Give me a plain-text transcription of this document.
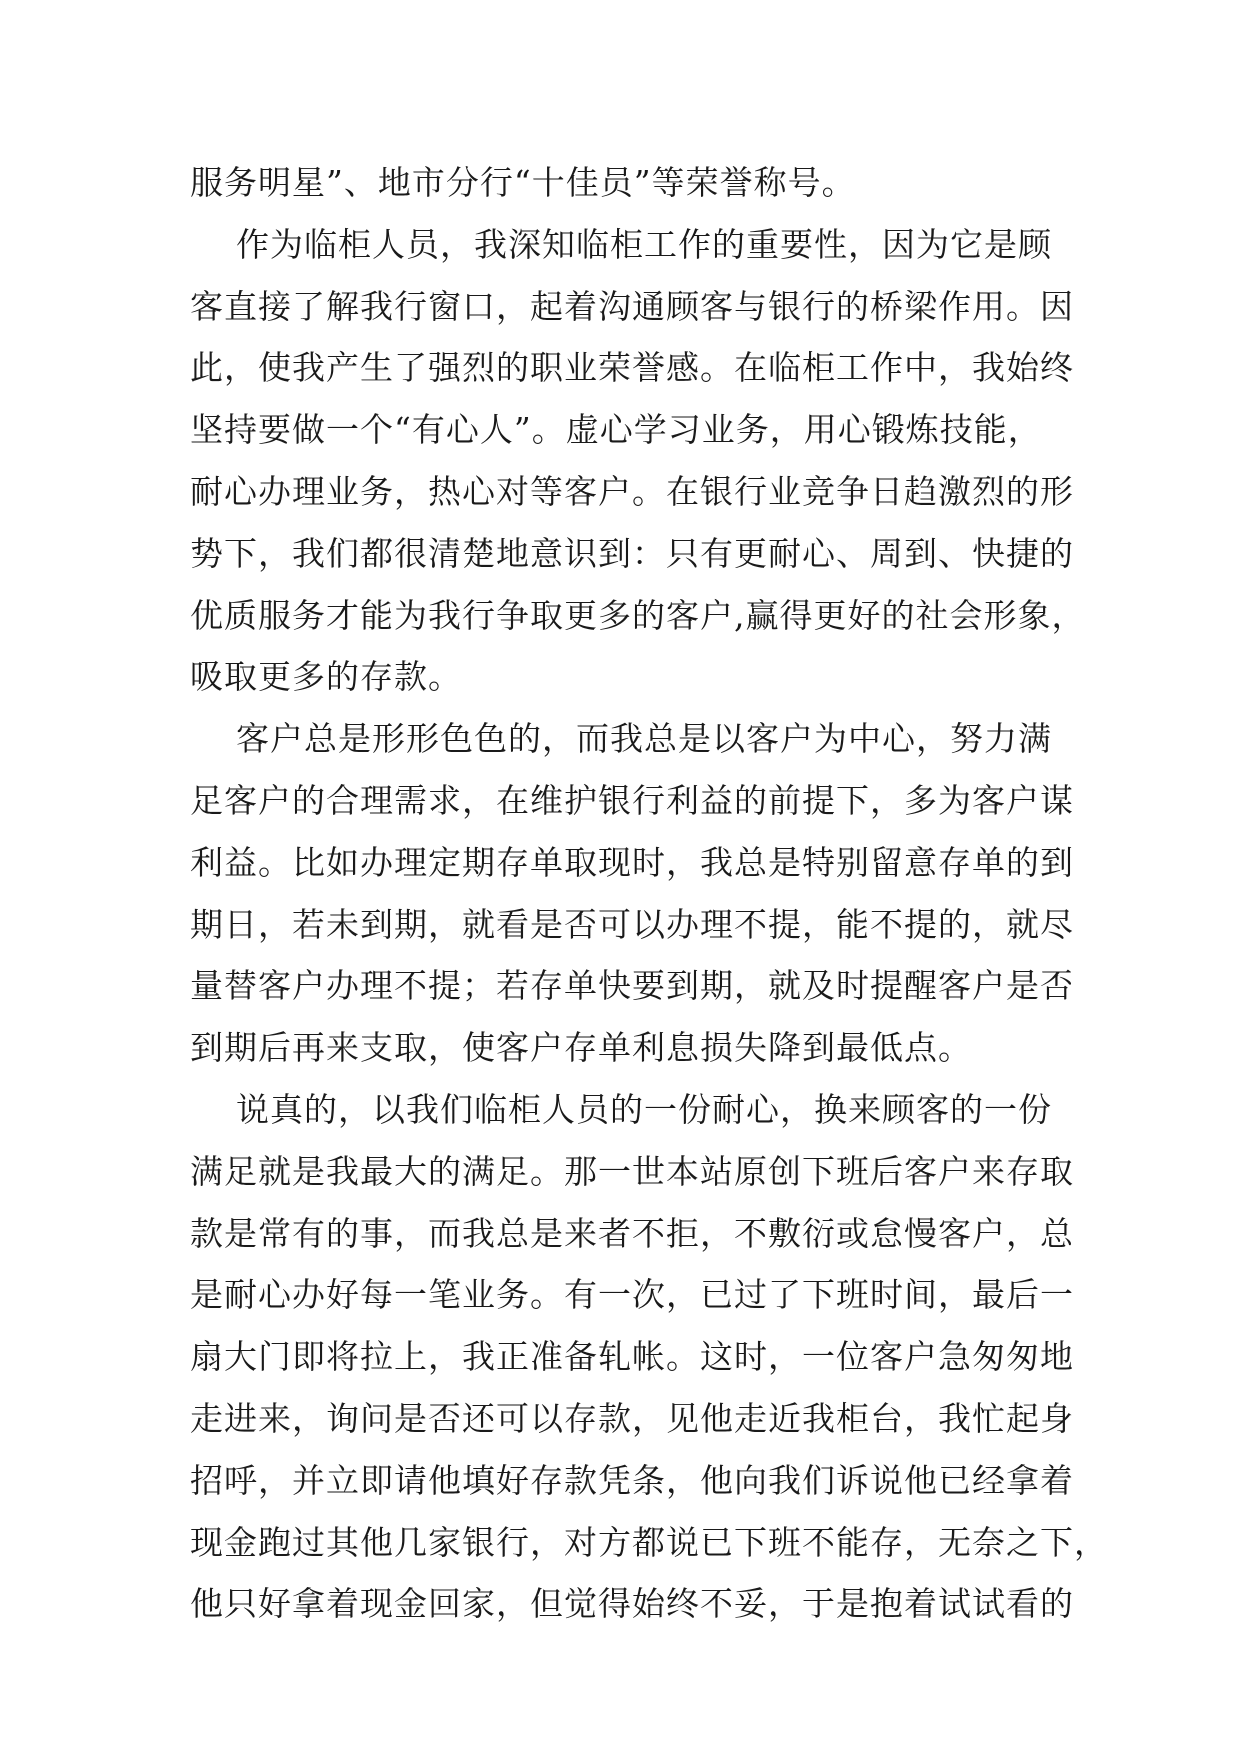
服务明星”、地市分行“十佳员”等荣誉称号。
作为临柜人员，我深知临柜工作的重要性，因为它是顾
客直接了解我行窗口，起着沟通顾客与银行的桥梁作用。因
此，使我产生了强烈的职业荣誉感。在临柜工作中，我始终
坚持要做一个“有心人”。虚心学习业务，用心锻炼技能，
耐心办理业务，热心对等客户。在银行业竞争日趋激烈的形
势下，我们都很清楚地意识到：只有更耐心、周到、快捷的
优质服务才能为我行争取更多的客户,赢得更好的社会形象，
吸取更多的存款。
客户总是形形色色的，而我总是以客户为中心，努力满
足客户的合理需求，在维护银行利益的前提下，多为客户谋
利益。比如办理定期存单取现时，我总是特别留意存单的到
期日，若未到期，就看是否可以办理不提，能不提的，就尽
量替客户办理不提；若存单快要到期，就及时提醒客户是否
到期后再来支取，使客户存单利息损失降到最低点。
说真的，以我们临柜人员的一份耐心，换来顾客的一份
满足就是我最大的满足。那一世本站原创下班后客户来存取
款是常有的事，而我总是来者不拒，不敷衍或怠慢客户，总
是耐心办好每一笔业务。有一次，已过了下班时间，最后一
扇大门即将拉上，我正准备轧帐。这时，一位客户急匆匆地
走进来，询问是否还可以存款，见他走近我柜台，我忙起身
招呼，并立即请他填好存款凭条，他向我们诉说他已经拿着
现金跑过其他几家银行，对方都说已下班不能存，无奈之下，
他只好拿着现金回家，但觉得始终不妥，于是抱着试试看的
